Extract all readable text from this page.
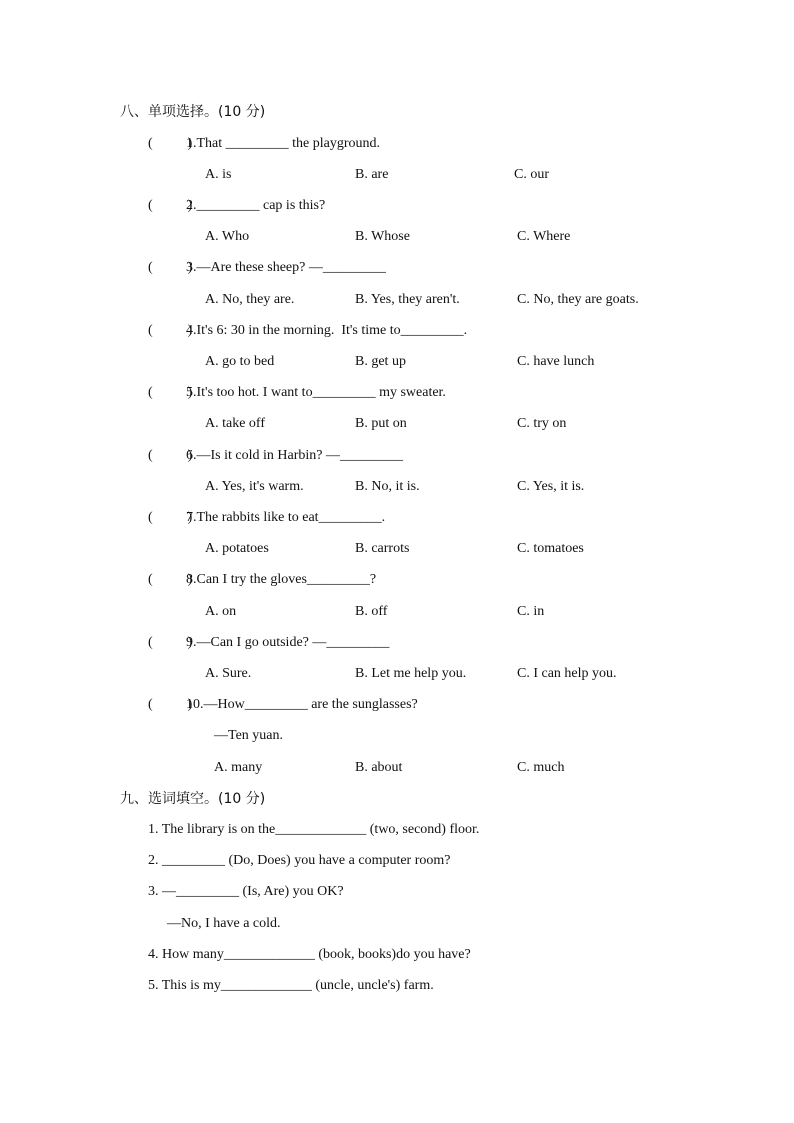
八、单项选择。(10 分)
(          )
1.That _________ the playground.
A. is	B. are	C. our
(          )
2._________ cap is this?
A. Who	B. Whose	C. Where
(          )
3.—Are these sheep? —_________
A. No, they are.	B. Yes, they aren't.	C. No, they are goats.
(          )
4.It's 6: 30 in the morning.  It's time to_________.
A. go to bed	B. get up	C. have lunch
(          )
5.It's too hot. I want to_________ my sweater.
A. take off	B. put on	C. try on
(          )
6.—Is it cold in Harbin? —_________
A. Yes, it's warm.	B. No, it is.	C. Yes, it is.
(          )
7.The rabbits like to eat_________.
A. potatoes	B. carrots	C. tomatoes
(          )
8.Can I try the gloves_________?
A. on	B. off	C. in
(          )
9.—Can I go outside? —_________
A. Sure.	B. Let me help you.	C. I can help you.
(          )
10.—How_________ are the sunglasses?
—Ten yuan.
A. many	B. about	C. much
九、选词填空。(10 分)
1. The library is on the_____________ (two, second) floor.
2. _________ (Do, Does) you have a computer room?
3. —_________ (Is, Are) you OK?
—No, I have a cold.
4. How many_____________ (book, books)do you have?
5. This is my_____________ (uncle, uncle's) farm.
